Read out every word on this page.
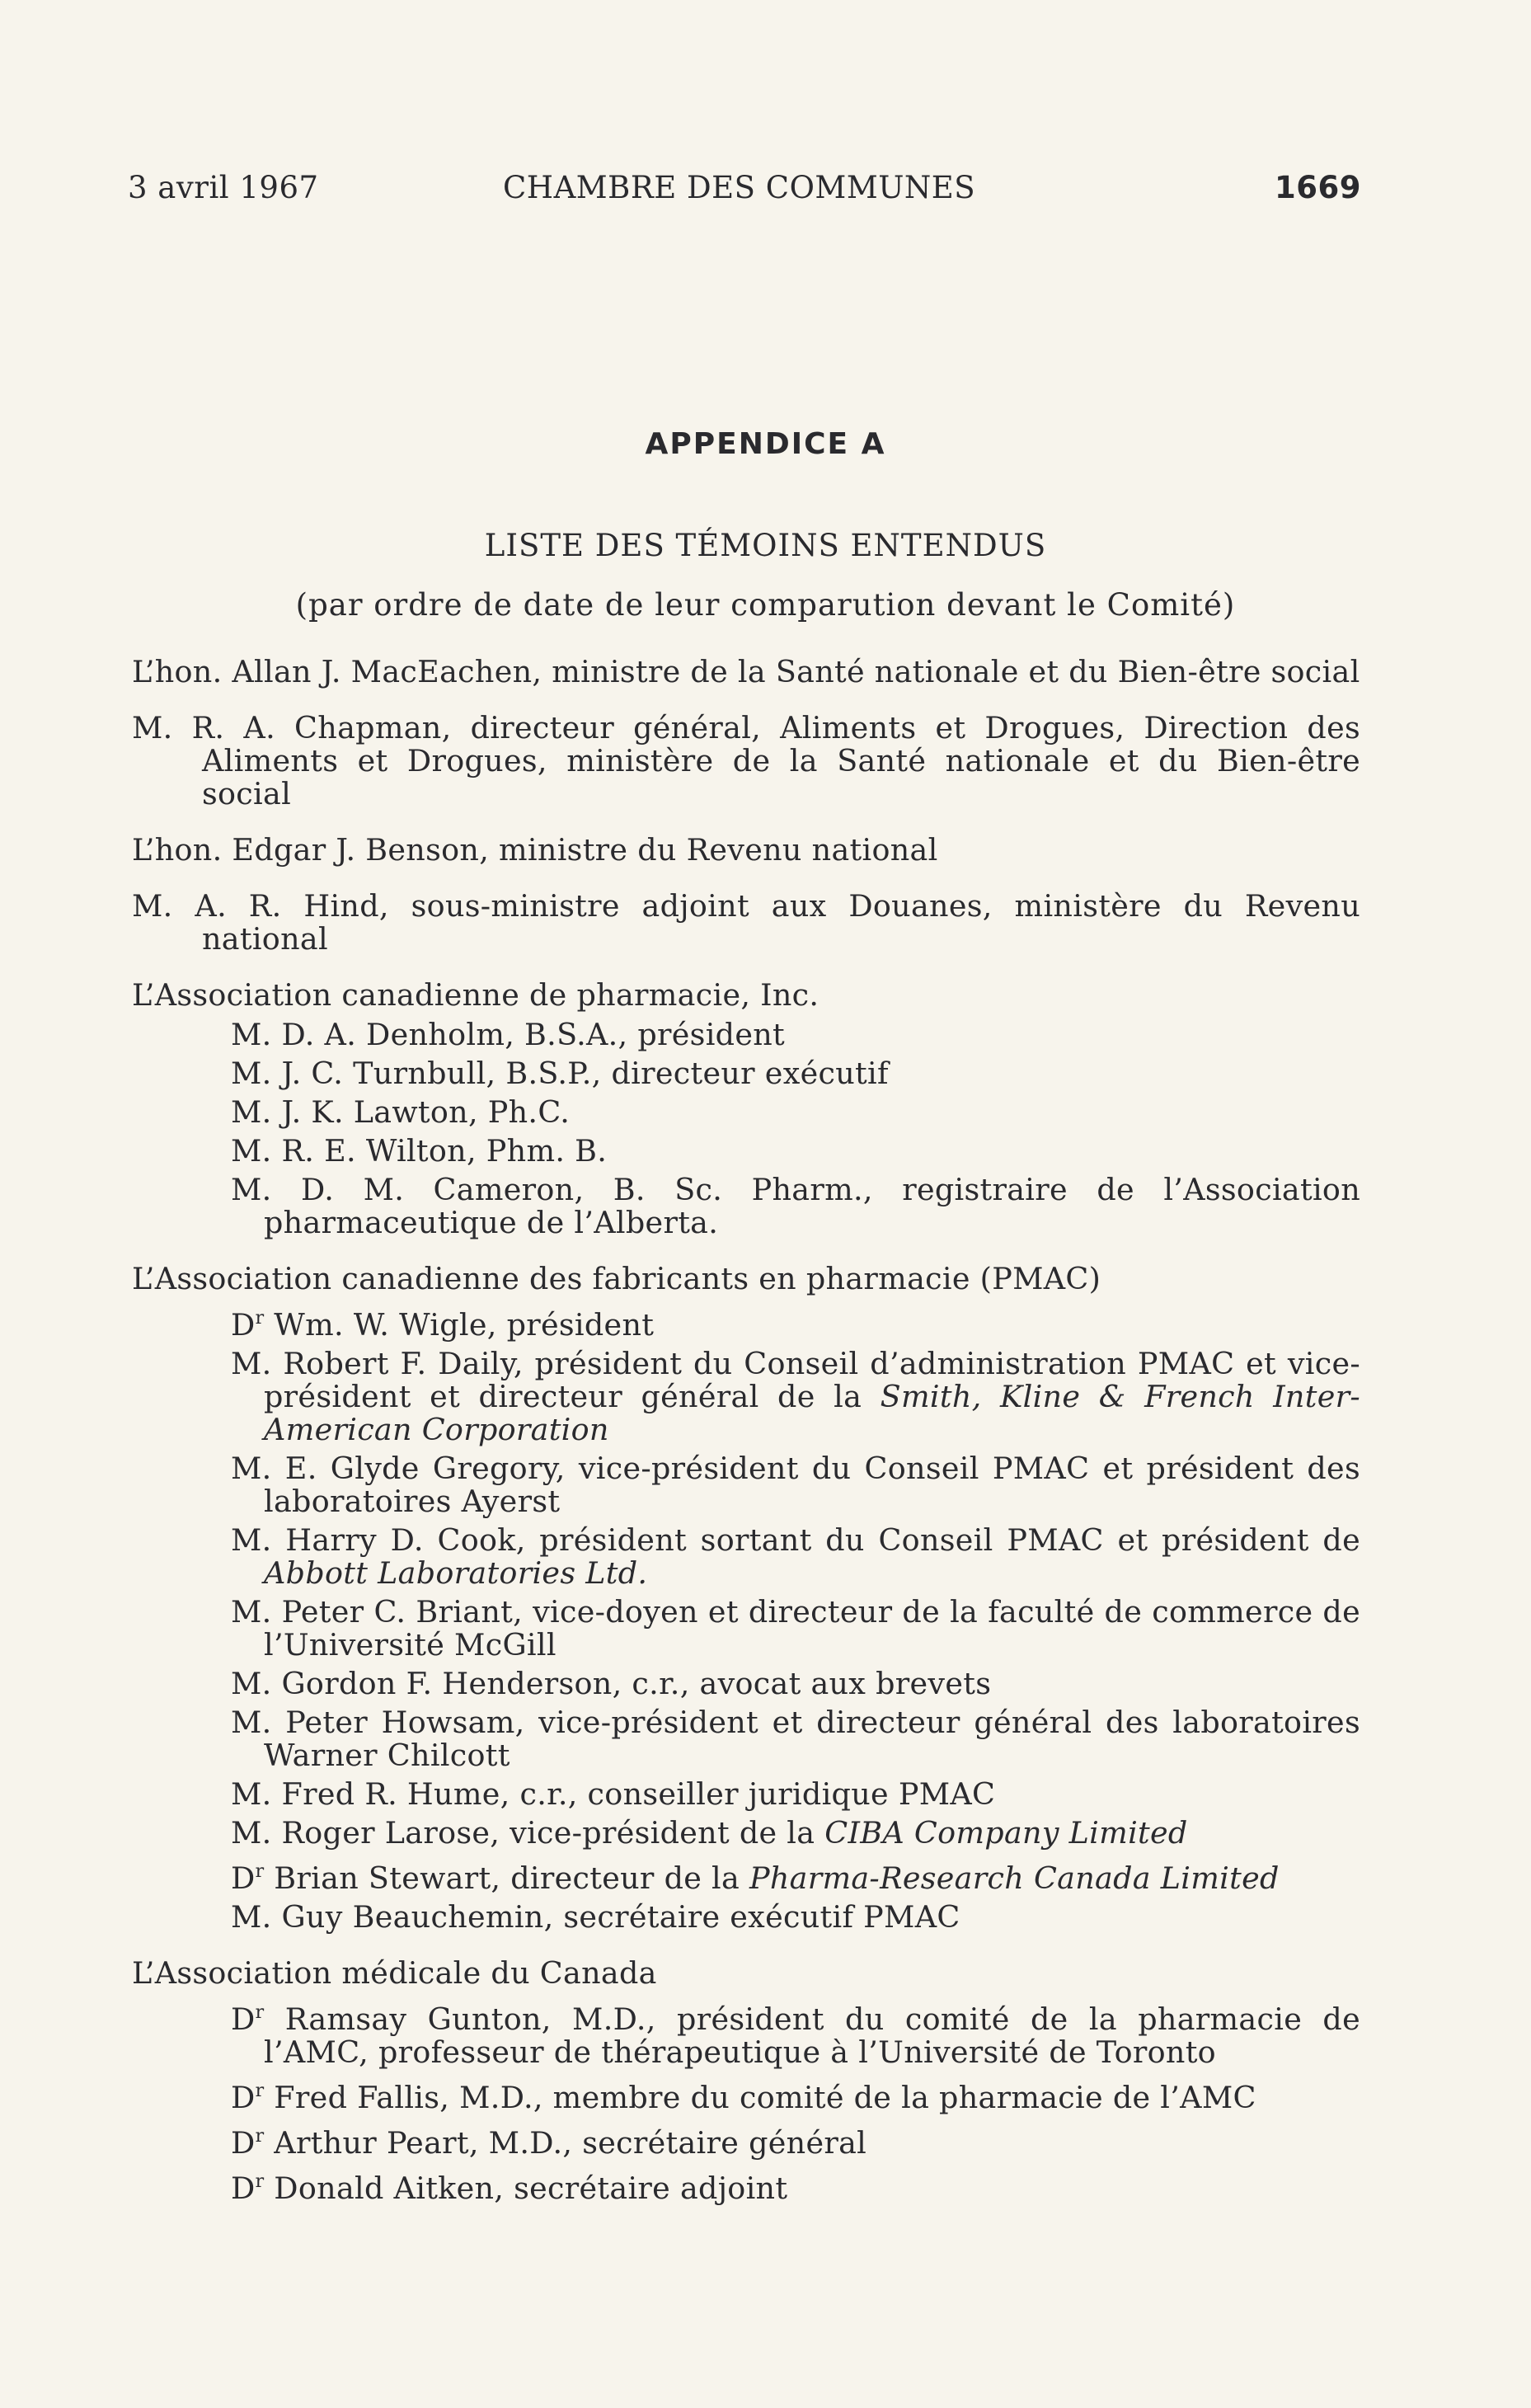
3 avril 1967	CHAMBRE DES COMMUNES	1669
APPENDICE A
LISTE DES TÉMOINS ENTENDUS
(par ordre de date de leur comparution devant le Comité)
L’hon. Allan J. MacEachen, ministre de la Santé nationale et du Bien-être social
M. R. A. Chapman, directeur général, Aliments et Drogues, Direction des Aliments et Drogues, ministère de la Santé nationale et du Bien-être social
L’hon. Edgar J. Benson, ministre du Revenu national
M. A. R. Hind, sous-ministre adjoint aux Douanes, ministère du Revenu national
L’Association canadienne de pharmacie, Inc.
M. D. A. Denholm, B.S.A., président
M. J. C. Turnbull, B.S.P., directeur exécutif
M. J. K. Lawton, Ph.C.
M. R. E. Wilton, Phm. B.
M. D. M. Cameron, B. Sc. Pharm., registraire de l’Association pharmaceutique de l’Alberta.
L’Association canadienne des fabricants en pharmacie (PMAC)
$D^r$ Wm. W. Wigle, président
M. Robert F. Daily, président du Conseil d’administration PMAC et vice-président et directeur général de la Smith, Kline & French Inter-American Corporation
M. E. Glyde Gregory, vice-président du Conseil PMAC et président des laboratoires Ayerst
M. Harry D. Cook, président sortant du Conseil PMAC et président de Abbott Laboratories Ltd.
M. Peter C. Briant, vice-doyen et directeur de la faculté de commerce de l’Université McGill
M. Gordon F. Henderson, c.r., avocat aux brevets
M. Peter Howsam, vice-président et directeur général des laboratoires Warner Chilcott
M. Fred R. Hume, c.r., conseiller juridique PMAC
M. Roger Larose, vice-président de la CIBA Company Limited
$D^r$ Brian Stewart, directeur de la Pharma-Research Canada Limited
M. Guy Beauchemin, secrétaire exécutif PMAC
L’Association médicale du Canada
$D^r$ Ramsay Gunton, M.D., président du comité de la pharmacie de l’AMC, professeur de thérapeutique à l’Université de Toronto
$D^r$ Fred Fallis, M.D., membre du comité de la pharmacie de l’AMC
$D^r$ Arthur Peart, M.D., secrétaire général
$D^r$ Donald Aitken, secrétaire adjoint
